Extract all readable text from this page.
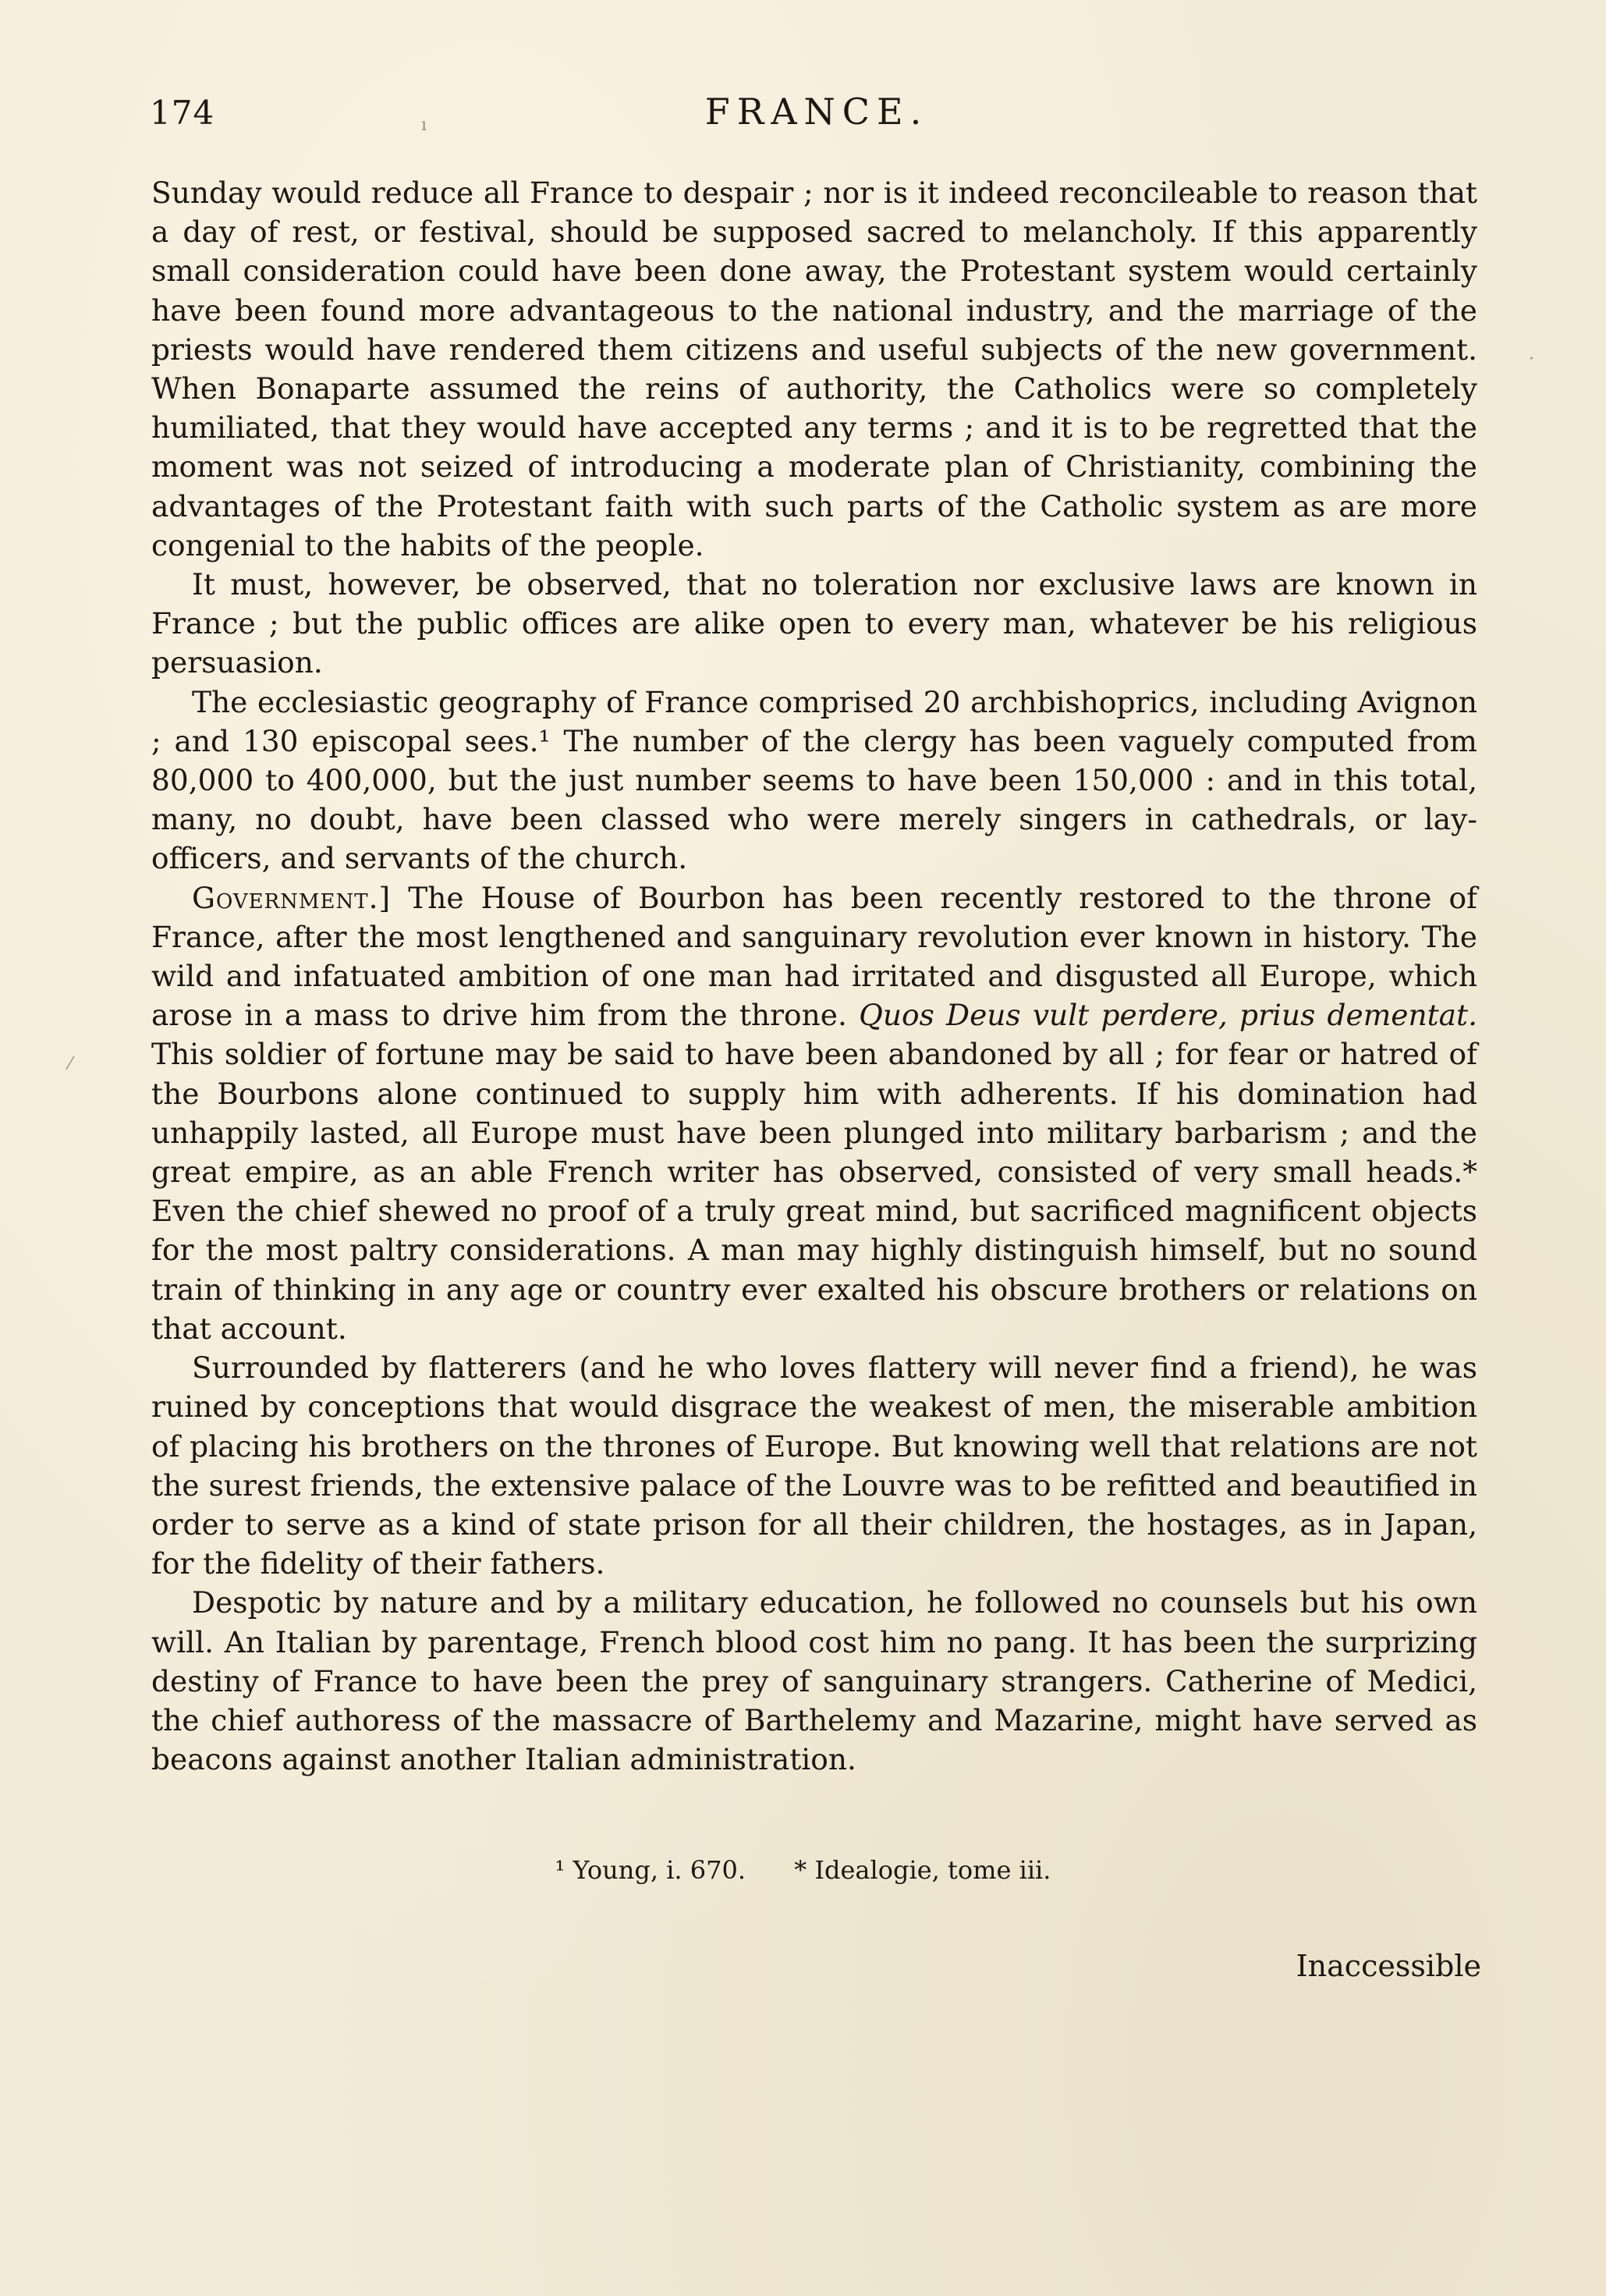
174	FRANCE.

Sunday would reduce all France to despair ; nor is it indeed reconcileable to reason that a day of rest, or festival, should be supposed sacred to melancholy. If this apparently small consideration could have been done away, the Protestant system would certainly have been found more advantageous to the national industry, and the marriage of the priests would have rendered them citizens and useful subjects of the new government. When Bonaparte assumed the reins of authority, the Catholics were so completely humiliated, that they would have accepted any terms ; and it is to be regretted that the moment was not seized of introducing a moderate plan of Christianity, combining the advantages of the Protestant faith with such parts of the Catholic system as are more congenial to the habits of the people.

It must, however, be observed, that no toleration nor exclusive laws are known in France ; but the public offices are alike open to every man, whatever be his religious persuasion.

The ecclesiastic geography of France comprised 20 archbishoprics, including Avignon ; and 130 episcopal sees.¹ The number of the clergy has been vaguely computed from 80,000 to 400,000, but the just number seems to have been 150,000 : and in this total, many, no doubt, have been classed who were merely singers in cathedrals, or lay-officers, and servants of the church.

Government.] The House of Bourbon has been recently restored to the throne of France, after the most lengthened and sanguinary revolution ever known in history. The wild and infatuated ambition of one man had irritated and disgusted all Europe, which arose in a mass to drive him from the throne. Quos Deus vult perdere, prius dementat. This soldier of fortune may be said to have been abandoned by all ; for fear or hatred of the Bourbons alone continued to supply him with adherents. If his domination had unhappily lasted, all Europe must have been plunged into military barbarism ; and the great empire, as an able French writer has observed, consisted of very small heads.* Even the chief shewed no proof of a truly great mind, but sacrificed magnificent objects for the most paltry considerations. A man may highly distinguish himself, but no sound train of thinking in any age or country ever exalted his obscure brothers or relations on that account.

Surrounded by flatterers (and he who loves flattery will never find a friend), he was ruined by conceptions that would disgrace the weakest of men, the miserable ambition of placing his brothers on the thrones of Europe. But knowing well that relations are not the surest friends, the extensive palace of the Louvre was to be refitted and beautified in order to serve as a kind of state prison for all their children, the hostages, as in Japan, for the fidelity of their fathers.

Despotic by nature and by a military education, he followed no counsels but his own will. An Italian by parentage, French blood cost him no pang. It has been the surprizing destiny of France to have been the prey of sanguinary strangers. Catherine of Medici, the chief authoress of the massacre of Barthelemy and Mazarine, might have served as beacons against another Italian administration.

¹ Young, i. 670. * Idealogie, tome iii.
Inaccessible
ı
⁄
·
